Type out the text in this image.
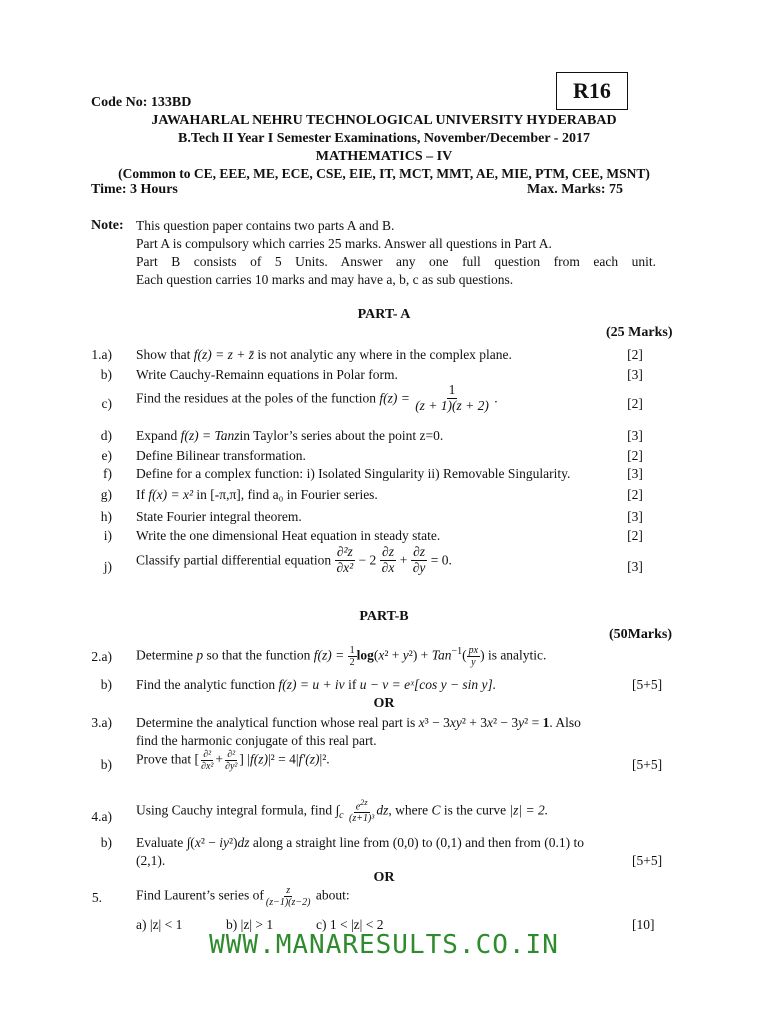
R16
Code No: 133BD
JAWAHARLAL NEHRU TECHNOLOGICAL UNIVERSITY HYDERABAD
B.Tech II Year I Semester Examinations, November/December - 2017
MATHEMATICS – IV
(Common to CE, EEE, ME, ECE, CSE, EIE, IT, MCT, MMT, AE, MIE, PTM, CEE, MSNT)
Time: 3 Hours	Max. Marks: 75
Note: This question paper contains two parts A and B.
Part A is compulsory which carries 25 marks. Answer all questions in Part A.
Part B consists of 5 Units. Answer any one full question from each unit.
Each question carries 10 marks and may have a, b, c as sub questions.
PART- A
(25 Marks)
1.a) Show that f(z) = z + z̄ is not analytic any where in the complex plane.	[2]
b) Write Cauchy-Remainn equations in Polar form.	[3]
c) Find the residues at the poles of the function $f(z) = \frac{1}{(z + 1)(z + 2)}$ .	[2]
d) Expand f(z) = Tanzin Taylor’s series about the point z=0.	[3]
e) Define Bilinear transformation.	[2]
f) Define for a complex function: i) Isolated Singularity ii) Removable Singularity.	[3]
g) If f(x) = x² in [-π,π], find a₀ in Fourier series.	[2]
h) State Fourier integral theorem.	[3]
i) Write the one dimensional Heat equation in steady state.	[2]
j) Classify partial differential equation $\frac{\text{∂²z}}{\text{∂x²}} - 2 \frac{\partial z}{\partial x} + \frac{\partial z}{\partial y} = 0$.	[3]
PART-B
(50Marks)
2.a) Determine p so that the function $f(z) = \frac{1}{2} \log(x^2 + y^2) + Tan^{-1}( \frac{px}{y}$ ) is analytic.
b) Find the analytic function f(z) = u + iv if u − v = eˣ[cos y − sin y].	[5+5]
OR
3.a) Determine the analytical function whose real part is x³ − 3xy² + 3x² − 3y² = 1. Also
find the harmonic conjugate of this real part.
b) Prove that [ $\frac{\text{∂²}}{\text{∂x²}} + \frac{\text{∂²}}{\text{∂y²}}$ ] |f(z)|² = 4|f′(z)|².	[5+5]
4.a) Using Cauchy integral formula, find $\int_c \frac{e^{2z}}{\text{(z+1)³}}$ dz, where C is the curve |z| = 2.
b) Evaluate ∫(x² − iy²)dz along a straight line from (0,0) to (0,1) and then from (0.1) to
(2,1).	[5+5]
OR
5.	Find Laurent’s series of $\frac{z}{(z-1)(z-2)}$ about:
a) |z| < 1	b) |z| > 1	c) 1 < |z| < 2	[10]
WWW.MANARESULTS.CO.IN
